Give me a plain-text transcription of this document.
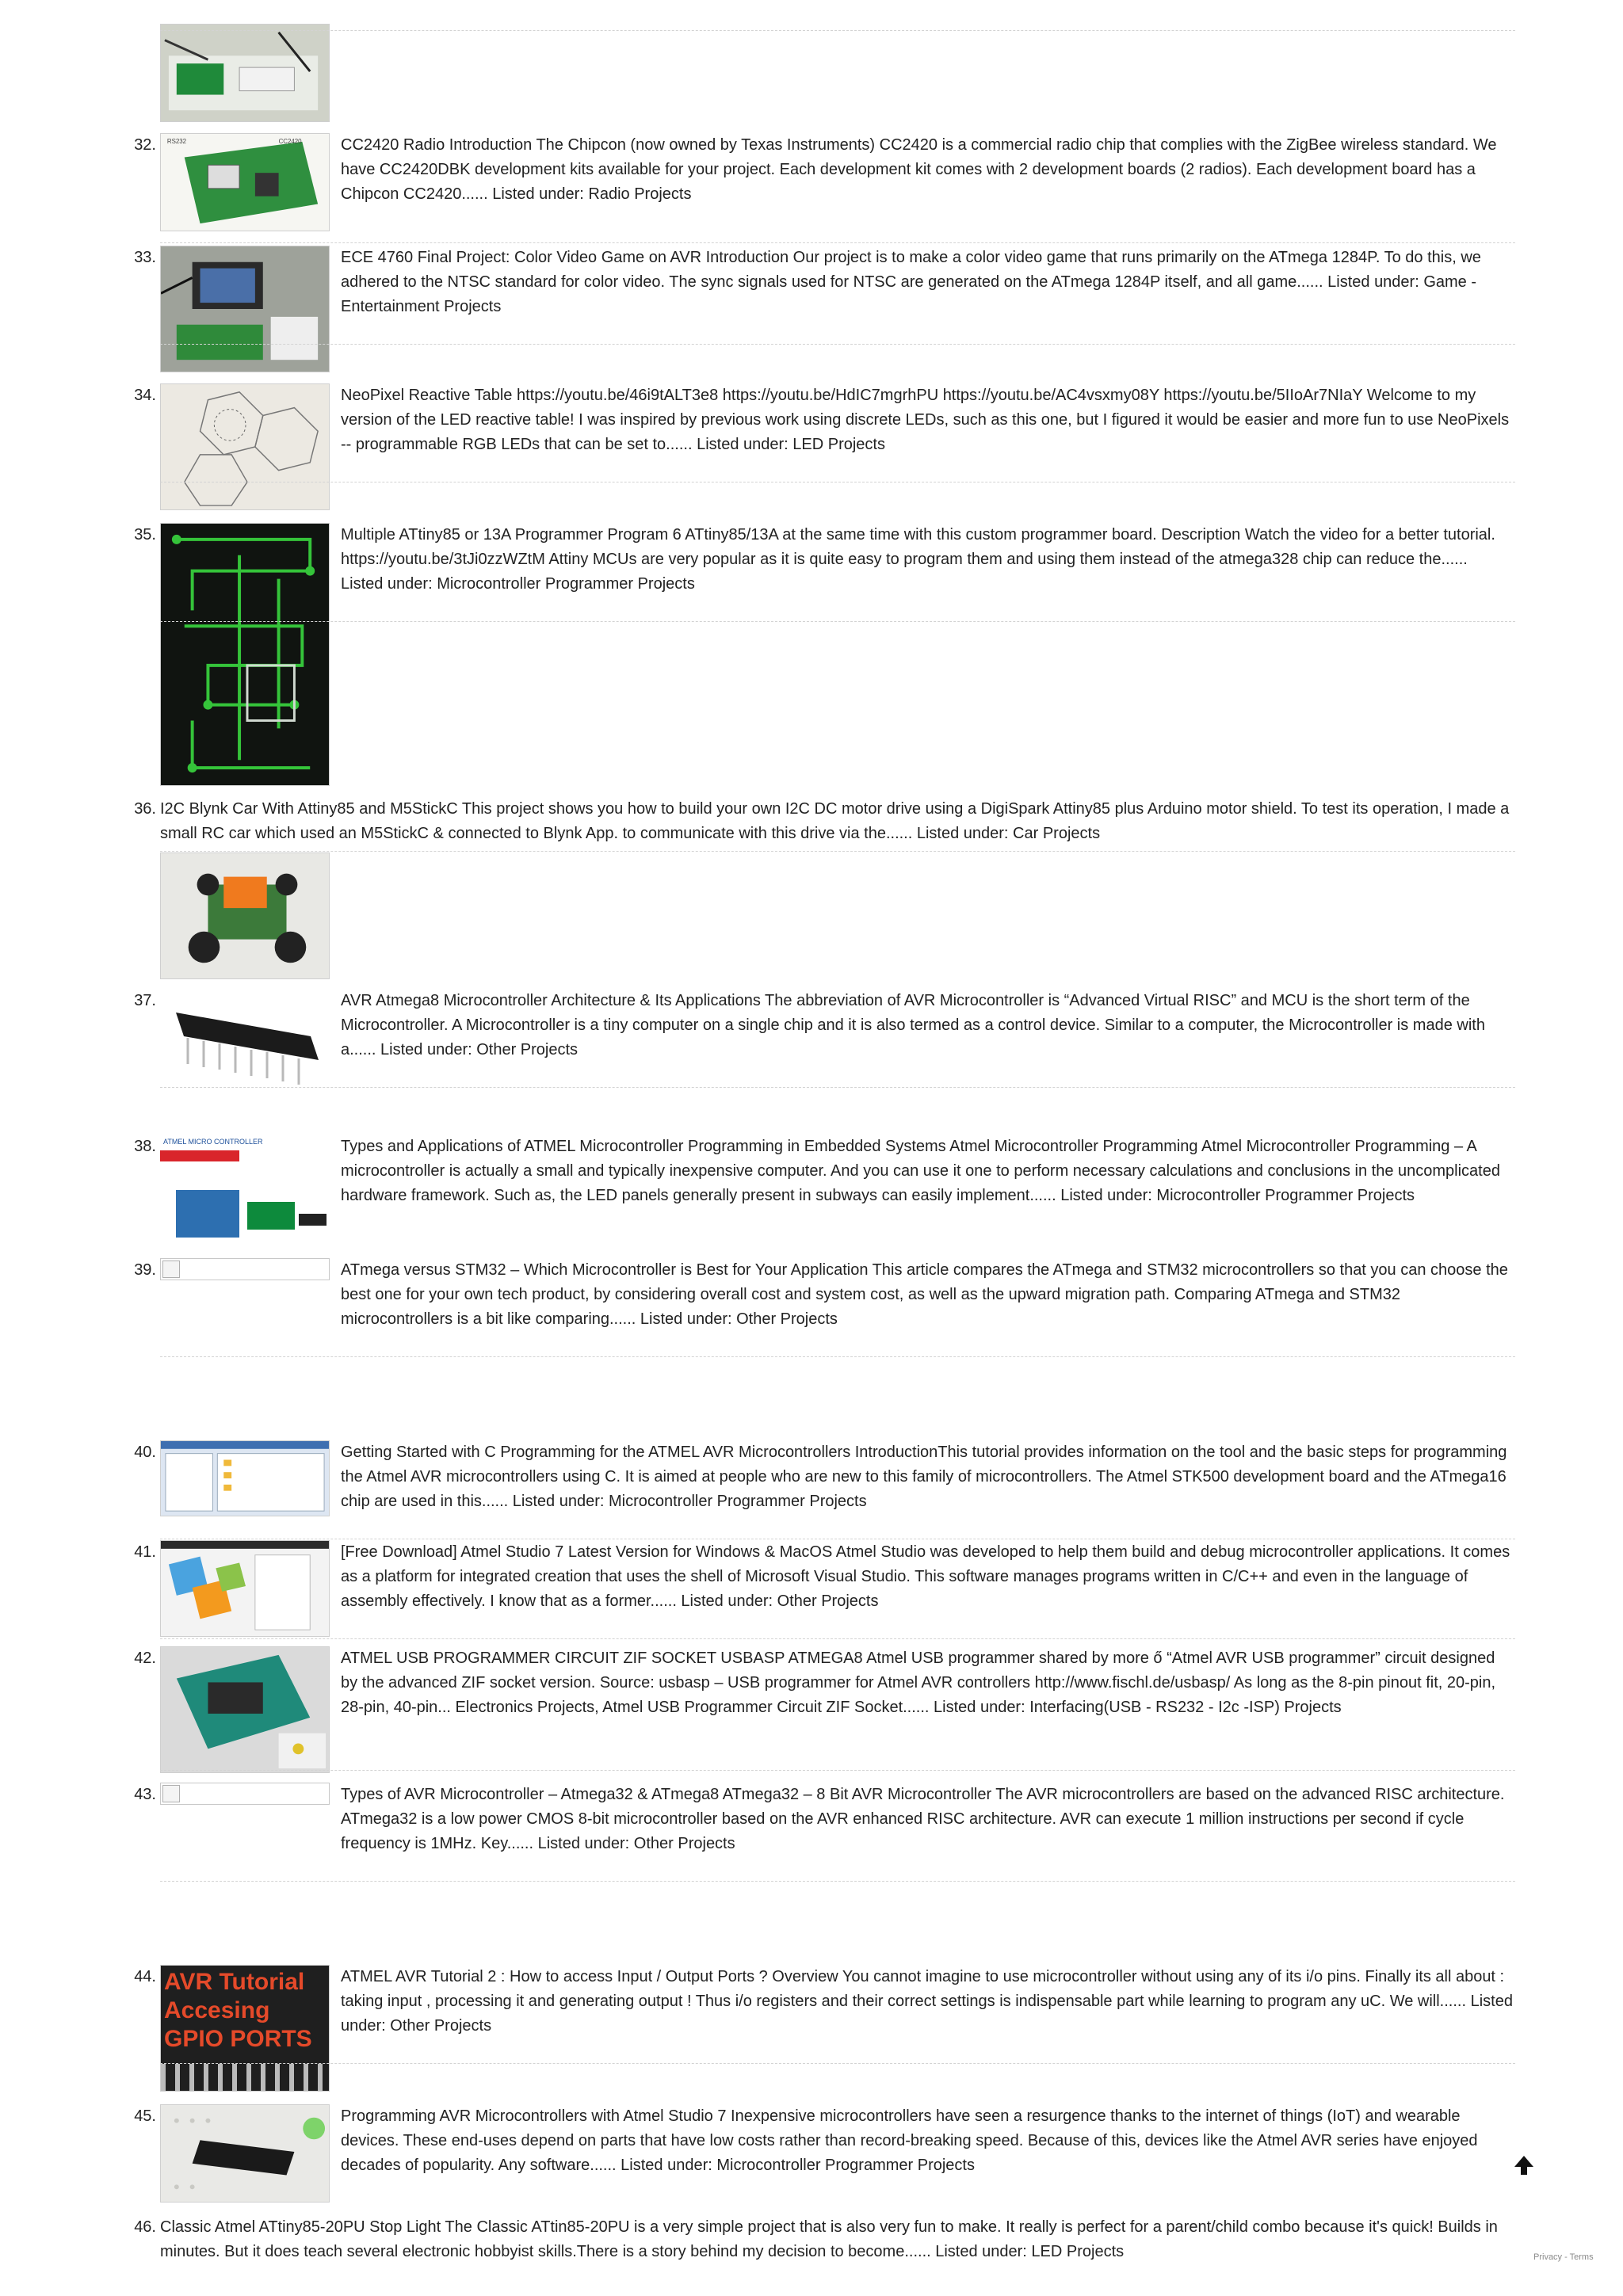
32. RS232	CC2420 CC2420 Radio Introduction The Chipcon (now owned by Texas Instruments) CC2420 is a commercial radio chip that complies with the ZigBee wireless standard. We have CC2420DBK development kits available for your project. Each development kit comes with 2 development boards (2 radios). Each development board has a Chipcon CC2420...... Listed under: Radio Projects
33.	ECE 4760 Final Project: Color Video Game on AVR Introduction Our project is to make a color video game that runs primarily on the ATmega 1284P. To do this, we adhered to the NTSC standard for color video. The sync signals used for NTSC are generated on the ATmega 1284P itself, and all game...... Listed under: Game - Entertainment Projects
34.	NeoPixel Reactive Table https://youtu.be/46i9tALT3e8 https://youtu.be/HdIC7mgrhPU https://youtu.be/AC4vsxmy08Y https://youtu.be/5IIoAr7NIaY Welcome to my version of the LED reactive table! I was inspired by previous work using discrete LEDs, such as this one, but I figured it would be easier and more fun to use NeoPixels -- programmable RGB LEDs that can be set to...... Listed under: LED Projects
35.	Multiple ATtiny85 or 13A Programmer Program 6 ATtiny85/13A at the same time with this custom programmer board. Description Watch the video for a better tutorial. https://youtu.be/3tJi0zzWZtM Attiny MCUs are very popular as it is quite easy to program them and using them instead of the atmega328 chip can reduce the...... Listed under: Microcontroller Programmer Projects
36. I2C Blynk Car With Attiny85 and M5StickC This project shows you how to build your own I2C DC motor drive using a DigiSpark Attiny85 plus Arduino motor shield. To test its operation, I made a small RC car which used an M5StickC & connected to Blynk App. to communicate with this drive via the...... Listed under: Car Projects
37.	AVR Atmega8 Microcontroller Architecture & Its Applications The abbreviation of AVR Microcontroller is “Advanced Virtual RISC” and MCU is the short term of the Microcontroller. A Microcontroller is a tiny computer on a single chip and it is also termed as a control device. Similar to a computer, the Microcontroller is made with a...... Listed under: Other Projects
38. ATMEL MICRO CONTROLLER	Types and Applications of ATMEL Microcontroller Programming in Embedded Systems Atmel Microcontroller Programming Atmel Microcontroller Programming – A microcontroller is actually a small and typically inexpensive computer. And you can use it one to perform necessary calculations and conclusions in the uncomplicated hardware framework. Such as, the LED panels generally present in subways can easily implement...... Listed under: Microcontroller Programmer Projects
39.	ATmega versus STM32 – Which Microcontroller is Best for Your Application This article compares the ATmega and STM32 microcontrollers so that you can choose the best one for your own tech product, by considering overall cost and system cost, as well as the upward migration path. Comparing ATmega and STM32 microcontrollers is a bit like comparing...... Listed under: Other Projects
40.	Getting Started with C Programming for the ATMEL AVR Microcontrollers IntroductionThis tutorial provides information on the tool and the basic steps for programming the Atmel AVR microcontrollers using C. It is aimed at people who are new to this family of microcontrollers. The Atmel STK500 development board and the ATmega16 chip are used in this...... Listed under: Microcontroller Programmer Projects
41.	[Free Download] Atmel Studio 7 Latest Version for Windows & MacOS Atmel Studio was developed to help them build and debug microcontroller applications. It comes as a platform for integrated creation that uses the shell of Microsoft Visual Studio. This software manages programs written in C/C++ and even in the language of assembly effectively. I know that as a former...... Listed under: Other Projects
42.	ATMEL USB PROGRAMMER CIRCUIT ZIF SOCKET USBASP ATMEGA8 Atmel USB programmer shared by more ő “Atmel AVR USB programmer” circuit designed by the advanced ZIF socket version. Source: usbasp – USB programmer for Atmel AVR controllers http://www.fischl.de/usbasp/ As long as the 8-pin pinout fit, 20-pin, 28-pin, 40-pin... Electronics Projects, Atmel USB Programmer Circuit ZIF Socket...... Listed under: Interfacing(USB - RS232 - I2c -ISP) Projects
43.	Types of AVR Microcontroller – Atmega32 & ATmega8 ATmega32 – 8 Bit AVR Microcontroller The AVR microcontrollers are based on the advanced RISC architecture. ATmega32 is a low power CMOS 8-bit microcontroller based on the AVR enhanced RISC architecture. AVR can execute 1 million instructions per second if cycle frequency is 1MHz. Key...... Listed under: Other Projects
44. AVR Tutorial
Accesing
GPIO PORTS
ATMEL AVR Tutorial 2 : How to access Input / Output Ports ? Overview You cannot imagine to use microcontroller without using any of its i/o pins. Finally its all about : taking input , processing it and generating output ! Thus i/o registers and their correct settings is indispensable part while learning to program any uC. We will...... Listed under: Other Projects
45.	Programming AVR Microcontrollers with Atmel Studio 7 Inexpensive microcontrollers have seen a resurgence thanks to the internet of things (IoT) and wearable devices. These end-uses depend on parts that have low costs rather than record-breaking speed. Because of this, devices like the Atmel AVR series have enjoyed decades of popularity. Any software...... Listed under: Microcontroller Programmer Projects
46. Classic Atmel ATtiny85-20PU Stop Light The Classic ATtin85-20PU is a very simple project that is also very fun to make. It really is perfect for a parent/child combo because it's quick! Builds in minutes. But it does teach several electronic hobbyist skills.There is a story behind my decision to become...... Listed under: LED Projects	Privacy - Terms
